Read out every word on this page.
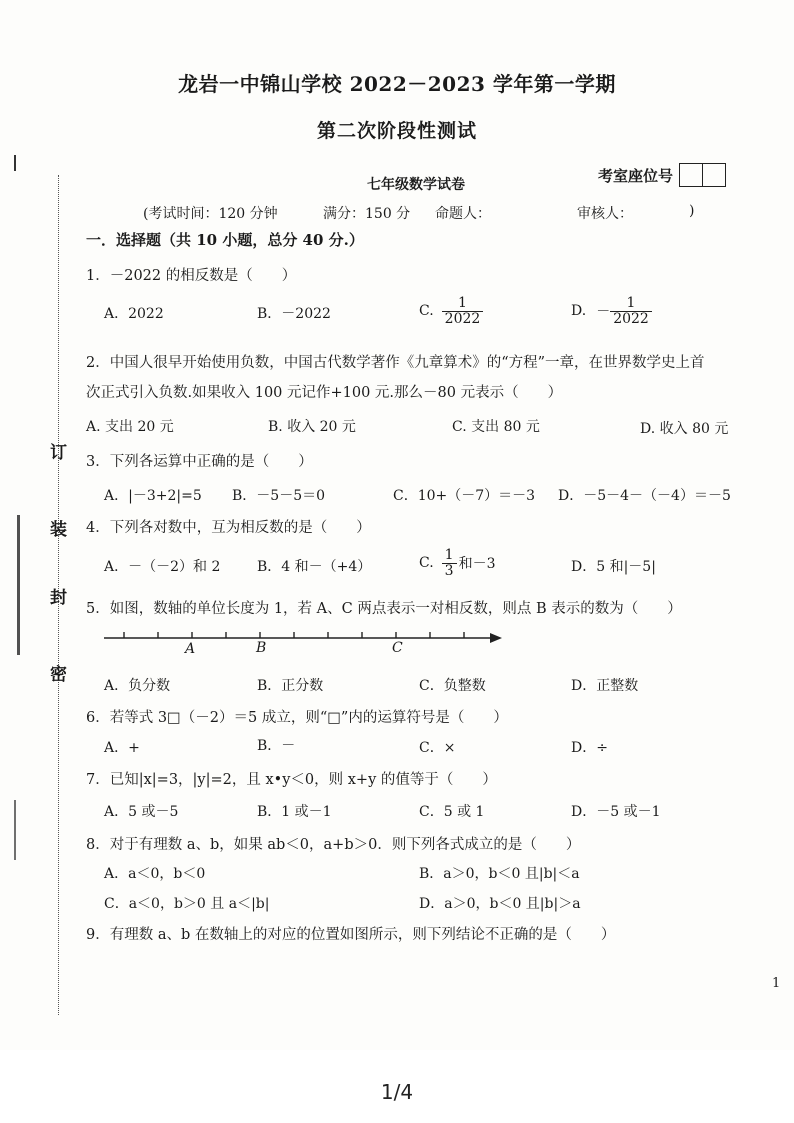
订
装
封
密
龙岩一中锦山学校 2022－2023 学年第一学期
第二次阶段性测试
七年级数学试卷
考室座位号
(考试时间：120 分钟	满分：150 分 命题人：	审核人：	)
一．选择题（共 10 小题，总分 40 分.）
1．－2022 的相反数是（　　）
A．2022	B．－2022	C. $\frac{1}{2022}$	D. － $\frac{1}{2022}$
2．中国人很早开始使用负数，中国古代数学著作《九章算术》的“方程”一章，在世界数学史上首
次正式引入负数.如果收入 100 元记作+100 元.那么－80 元表示（　　）
A. 支出 20 元	B. 收入 20 元	C. 支出 80 元	D. 收入 80 元
3．下列各运算中正确的是（　　）
A．|－3+2|=5 B．－5－5＝0	C．10+（－7）＝－3 D．－5－4－（－4）＝－5
4．下列各对数中，互为相反数的是（　　）
A．－（－2）和 2	B．4 和－（+4）	C. $\frac{1}{3}$ 和－3	D．5 和|－5|
5．如图，数轴的单位长度为 1，若 A、C 两点表示一对相反数，则点 B 表示的数为（　　）
A	B	C
A．负分数	B．正分数	C．负整数	D．正整数
6．若等式 3□（－2）＝5 成立，则“□”内的运算符号是（　　）
A．+	B．－	C．×	D．÷
7．已知|x|=3，|y|=2，且 x•y＜0，则 x+y 的值等于（　　）
A．5 或－5	B．1 或－1	C．5 或 1	D．－5 或－1
8．对于有理数 a、b，如果 ab＜0，a+b＞0．则下列各式成立的是（　　）
A．a＜0，b＜0	B．a＞0，b＜0 且|b|＜a
C．a＜0，b＞0 且 a＜|b|	D．a＞0，b＜0 且|b|＞a
9．有理数 a、b 在数轴上的对应的位置如图所示，则下列结论不正确的是（　　）
1
1/4
